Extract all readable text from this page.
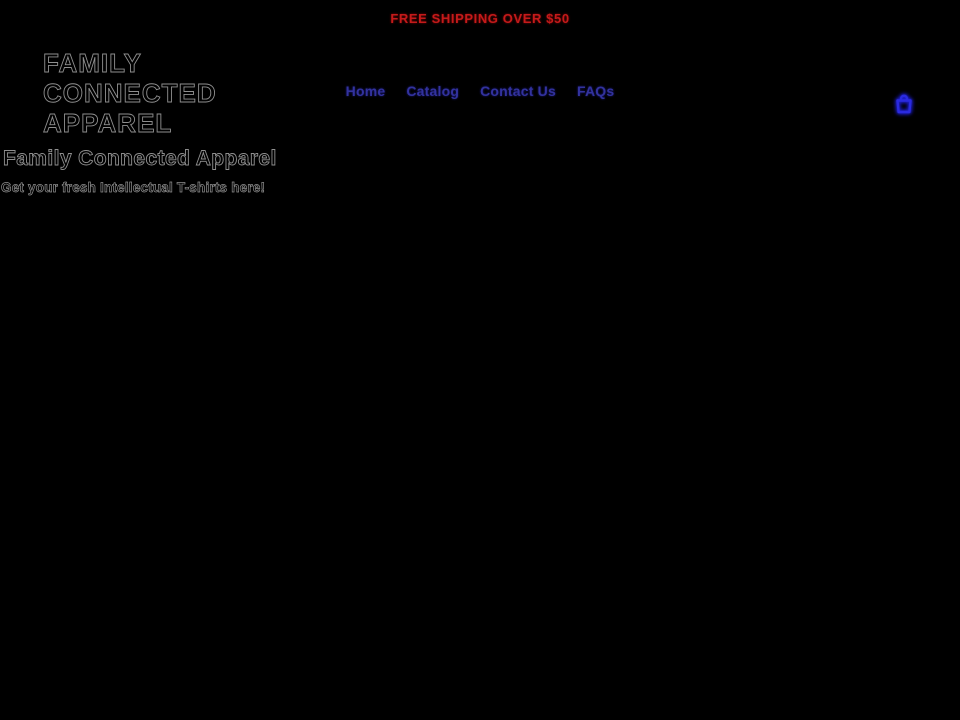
FREE SHIPPING OVER $50
FAMILY
CONNECTED
APPAREL
Home Catalog Contact Us FAQs
Family Connected Apparel

Get your fresh Intellectual T-shirts here!
